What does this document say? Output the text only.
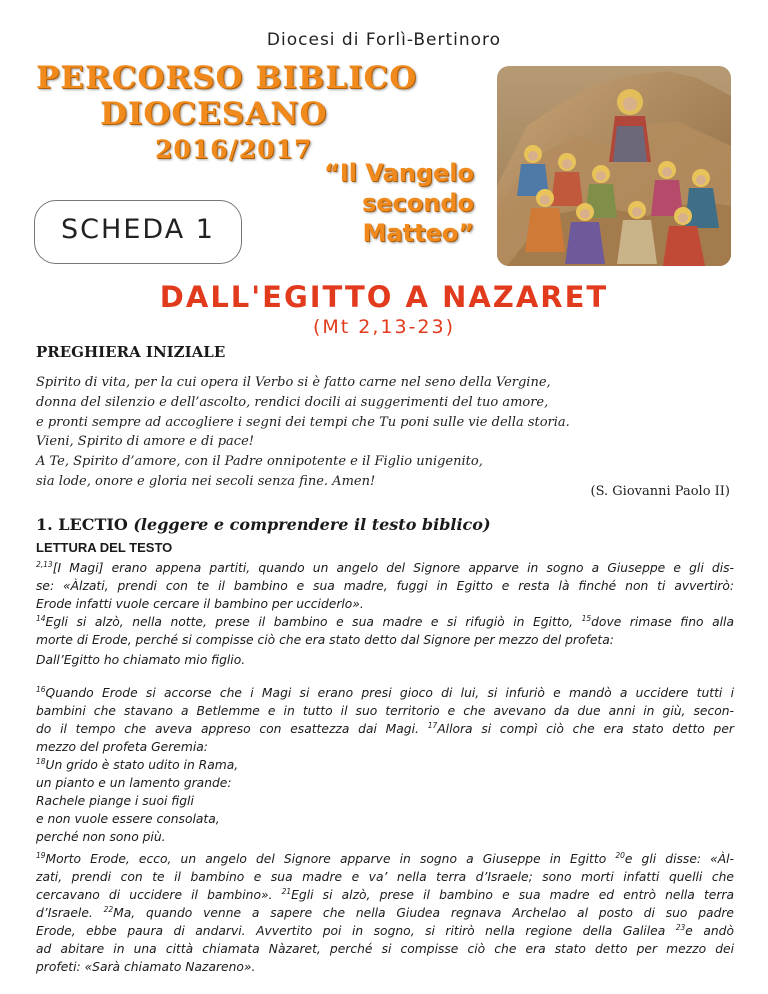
Diocesi di Forlì-Bertinoro
PERCORSO BIBLICO
DIOCESANO
2016/2017
“Il Vangelo
secondo
Matteo”
SCHEDA 1
DALL'EGITTO A NAZARET
(Mt 2,13-23)
PREGHIERA INIZIALE
Spirito di vita, per la cui opera il Verbo si è fatto carne nel seno della Vergine,
donna del silenzio e dell’ascolto, rendici docili ai suggerimenti del tuo amore,
e pronti sempre ad accogliere i segni dei tempi che Tu poni sulle vie della storia.
Vieni, Spirito di amore e di pace!
A Te, Spirito d’amore, con il Padre onnipotente e il Figlio unigenito,
sia lode, onore e gloria nei secoli senza fine. Amen!
(S. Giovanni Paolo II)
1. LECTIO (leggere e comprendere il testo biblico)
LETTURA DEL TESTO
$^{2,13}$[I Magi] erano appena partiti, quando un angelo del Signore apparve in sogno a Giuseppe e gli dis-
se: «Àlzati, prendi con te il bambino e sua madre, fuggi in Egitto e resta là finché non ti avvertirò:
Erode infatti vuole cercare il bambino per ucciderlo».
$^{14}$Egli si alzò, nella notte, prese il bambino e sua madre e si rifugiò in Egitto, $^{15}$dove rimase fino alla
morte di Erode, perché si compisse ciò che era stato detto dal Signore per mezzo del profeta:
Dall’Egitto ho chiamato mio figlio.
$^{16}$Quando Erode si accorse che i Magi si erano presi gioco di lui, si infuriò e mandò a uccidere tutti i
bambini che stavano a Betlemme e in tutto il suo territorio e che avevano da due anni in giù, secon-
do il tempo che aveva appreso con esattezza dai Magi. $^{17}$Allora si compì ciò che era stato detto per
mezzo del profeta Geremia:
$^{18}$Un grido è stato udito in Rama,
un pianto e un lamento grande:
Rachele piange i suoi figli
e non vuole essere consolata,
perché non sono più.
$^{19}$Morto Erode, ecco, un angelo del Signore apparve in sogno a Giuseppe in Egitto $^{20}$e gli disse: «Àl-
zati, prendi con te il bambino e sua madre e va’ nella terra d’Israele; sono morti infatti quelli che
cercavano di uccidere il bambino». $^{21}$Egli si alzò, prese il bambino e sua madre ed entrò nella terra
d’Israele. $^{22}$Ma, quando venne a sapere che nella Giudea regnava Archelao al posto di suo padre
Erode, ebbe paura di andarvi. Avvertito poi in sogno, si ritirò nella regione della Galilea $^{23}$e andò
ad abitare in una città chiamata Nàzaret, perché si compisse ciò che era stato detto per mezzo dei
profeti: «Sarà chiamato Nazareno».
